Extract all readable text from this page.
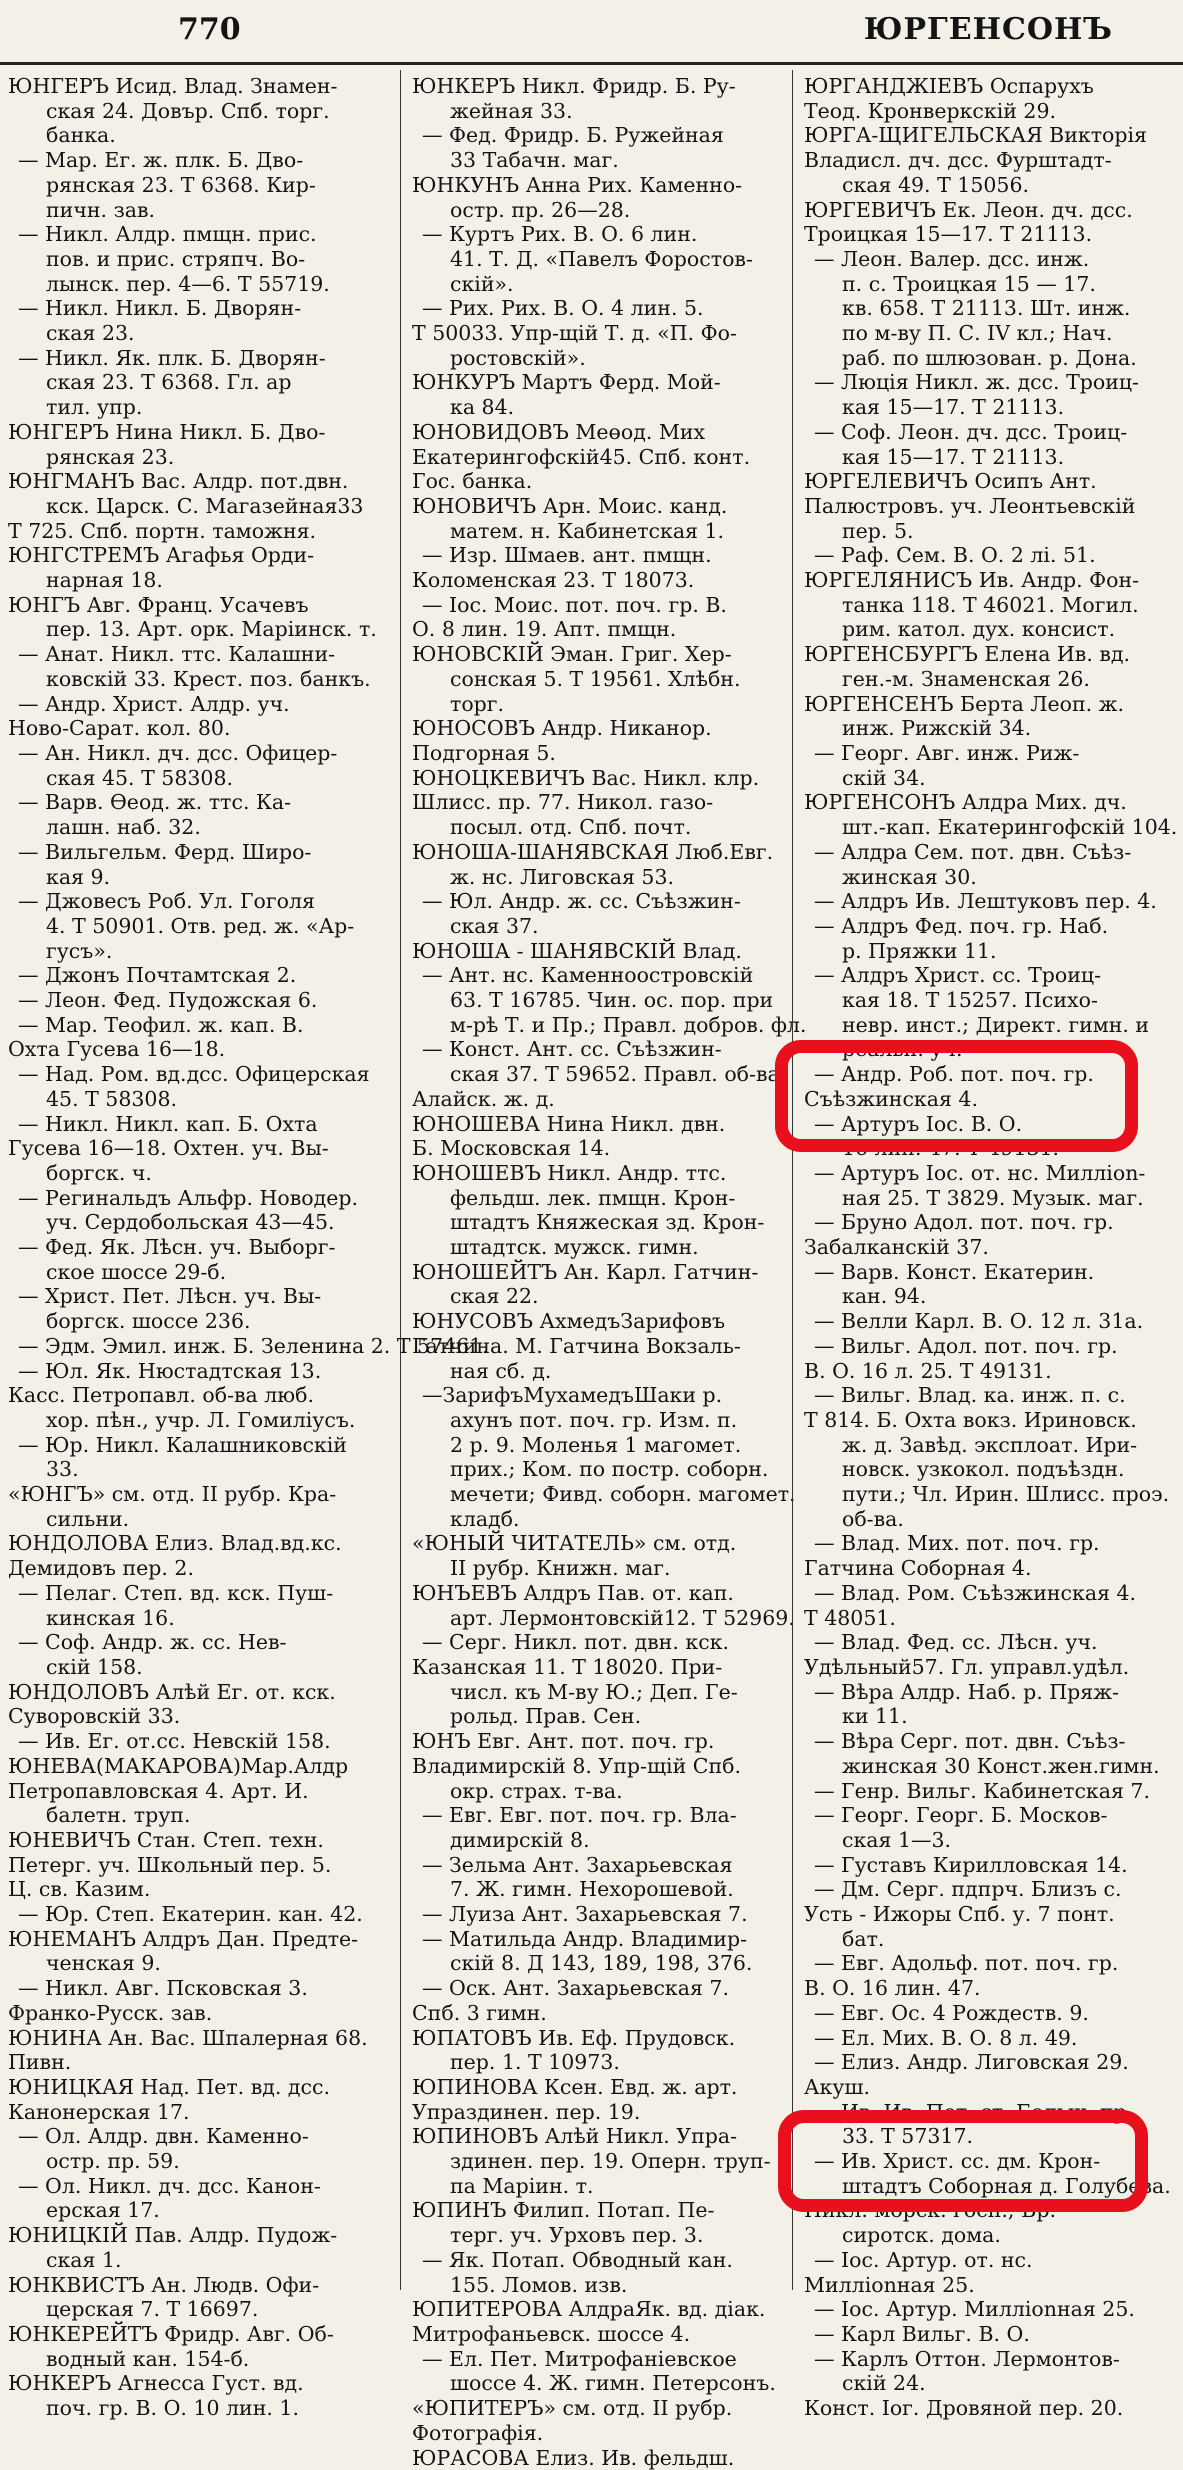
770	ЮРГЕНСОНЪ
ЮНГЕРЪ Исид. Влад. Знамен-
ская 24. Довър. Спб. торг.
банка.
— Мар. Ег. ж. плк. Б. Дво-
рянская 23. Т 6368. Кир-
пичн. зав.
— Никл. Алдр. пмщн. прис.
пов. и прис. стряпч. Во-
лынск. пер. 4—6. Т 55719.
— Никл. Никл. Б. Дворян-
ская 23.
— Никл. Як. плк. Б. Дворян-
ская 23. Т 6368. Гл. ар
тил. упр.
ЮНГЕРЪ Нина Никл. Б. Дво-
рянская 23.
ЮНГМАНЪ Вас. Алдр. пот.двн.
кск. Царск. С. Магазейная33
Т 725. Спб. портн. таможня.
ЮНГСТРЕМЪ Агафья Орди-
нарная 18.
ЮНГЪ Авг. Франц. Усачевъ
пер. 13. Арт. орк. Маріинск. т.
— Анат. Никл. ттс. Калашни-
ковскій 33. Крест. поз. банкъ.
— Андр. Христ. Алдр. уч.
Ново-Сарат. кол. 80.
— Ан. Никл. дч. дсс. Офицер-
ская 45. Т 58308.
— Варв. Өеод. ж. ттс. Ка-
лашн. наб. 32.
— Вильгельм. Ферд. Широ-
кая 9.
— Джовесъ Роб. Ул. Гоголя
4. Т 50901. Отв. ред. ж. «Ар-
гусъ».
— Джонъ Почтамтская 2.
— Леон. Фед. Пудожская 6.
— Мар. Теофил. ж. кап. В.
Охта Гусева 16—18.
— Над. Ром. вд.дсс. Офицерская
45. Т 58308.
— Никл. Никл. кап. Б. Охта
Гусева 16—18. Охтен. уч. Вы-
боргск. ч.
— Регинальдъ Альфр. Новодер.
уч. Сердобольская 43—45.
— Фед. Як. Лѣсн. уч. Выборг-
ское шоссе 29-б.
— Христ. Пет. Лѣсн. уч. Вы-
боргск. шоссе 236.
— Эдм. Эмил. инж. Б. Зеленина 2. Т 57461.
— Юл. Як. Нюстадтская 13.
Касс. Петропавл. об-ва люб.
хор. пѣн., учр. Л. Гомилiусъ.
— Юр. Никл. Калашниковскій
33.
«ЮНГЪ» см. отд. II рубр. Кра-
сильни.
ЮНДОЛОВА Елиз. Влад.вд.кс.
Демидовъ пер. 2.
— Пелаг. Степ. вд. кск. Пуш-
кинская 16.
— Соф. Андр. ж. сс. Нев-
скій 158.
ЮНДОЛОВЪ Алѣй Ег. от. кск.
Суворовскій 33.
— Ив. Ег. от.сс. Невскій 158.
ЮНЕВА(МАКАРОВА)Мар.Алдр
Петропавловская 4. Арт. И.
балетн. труп.
ЮНЕВИЧЪ Стан. Степ. техн.
Петерг. уч. Школьный пер. 5.
Ц. св. Казим.
— Юр. Степ. Екатерин. кан. 42.
ЮНЕМАНЪ Алдръ Дан. Предте-
ченская 9.
— Никл. Авг. Псковская 3.
Франко-Русск. зав.
ЮНИНА Ан. Вас. Шпалерная 68.
Пивн.
ЮНИЦКАЯ Над. Пет. вд. дсс.
Канонерская 17.
— Ол. Алдр. двн. Каменно-
остр. пр. 59.
— Ол. Никл. дч. дсс. Канон-
ерская 17.
ЮНИЦКІЙ Пав. Алдр. Пудож-
ская 1.
ЮНКВИСТЪ Ан. Людв. Офи-
церская 7. Т 16697.
ЮНКЕРЕЙТЪ Фридр. Авг. Об-
водный кан. 154-б.
ЮНКЕРЪ Агнесса Густ. вд.
поч. гр. В. О. 10 лин. 1.
ЮНКЕРЪ Никл. Фридр. Б. Ру-
жейная 33.
— Фед. Фридр. Б. Ружейная
33 Табачн. маг.
ЮНКУНЪ Анна Рих. Каменно-
остр. пр. 26—28.
— Куртъ Рих. В. О. 6 лин.
41. Т. Д. «Павелъ Форостов-
скій».
— Рих. Рих. В. О. 4 лин. 5.
Т 50033. Упр-щій Т. д. «П. Фо-
ростовскій».
ЮНКУРЪ Мартъ Ферд. Мой-
ка 84.
ЮНОВИДОВЪ Меөод. Мих
Екатерингофскій45. Спб. конт.
Гос. банка.
ЮНОВИЧЪ Арн. Моис. канд.
матем. н. Кабинетская 1.
— Изр. Шмаев. ант. пмщн.
Коломенская 23. Т 18073.
— Іос. Моис. пот. поч. гр. В.
О. 8 лин. 19. Апт. пмщн.
ЮНОВСКІЙ Эман. Григ. Хер-
сонская 5. Т 19561. Хлѣбн.
торг.
ЮНОСОВЪ Андр. Никанор.
Подгорная 5.
ЮНОЦКЕВИЧЪ Вас. Никл. клр.
Шлисс. пр. 77. Никол. газо-
посыл. отд. Спб. почт.
ЮНОША-ШАНЯВСКАЯ Люб.Евг.
ж. нс. Лиговская 53.
— Юл. Андр. ж. сс. Съѣзжин-
ская 37.
ЮНОША - ШАНЯВСКІЙ Влад.
— Ант. нс. Каменноостровскій
63. Т 16785. Чин. ос. пор. при
м-рѣ Т. и Пр.; Правл. добров. фл.
— Конст. Ант. сс. Съѣзжин-
ская 37. Т 59652. Правл. об-ва
Алайск. ж. д.
ЮНОШЕВА Нина Никл. двн.
Б. Московская 14.
ЮНОШЕВЪ Никл. Андр. ттс.
фельдш. лек. пмщн. Крон-
штадтъ Княжеская зд. Крон-
штадтск. мужск. гимн.
ЮНОШЕЙТЪ Ан. Карл. Гатчин-
ская 22.
ЮНУСОВЪ АхмедъЗарифовъ
Гатчина. М. Гатчина Вокзаль-
ная сб. д.
—ЗарифъМухамедъШаки р.
ахунъ пот. поч. гр. Изм. п.
2 р. 9. Моленья 1 магомет.
прих.; Ком. по постр. соборн.
мечети; Фивд. соборн. магомет.
кладб.
«ЮНЫЙ ЧИТАТЕЛЬ» см. отд.
II рубр. Книжн. маг.
ЮНЪЕВЪ Алдръ Пав. от. кап.
арт. Лермонтовскій12. Т 52969.
— Серг. Никл. пот. двн. кск.
Казанская 11. Т 18020. При-
числ. къ М-ву Ю.; Деп. Ге-
рольд. Прав. Сен.
ЮНЪ Евг. Ант. пот. поч. гр.
Владимирскій 8. Упр-щій Спб.
окр. страх. т-ва.
— Евг. Евг. пот. поч. гр. Вла-
димирскій 8.
— Зельма Ант. Захарьевская
7. Ж. гимн. Нехорошевой.
— Луиза Ант. Захарьевская 7.
— Матильда Андр. Владимир-
скій 8. Д 143, 189, 198, 376.
— Оск. Ант. Захарьевская 7.
Спб. 3 гимн.
ЮПАТОВЪ Ив. Еф. Прудовск.
пер. 1. Т 10973.
ЮПИНОВА Ксен. Евд. ж. арт.
Упраздинен. пер. 19.
ЮПИНОВЪ Алѣй Никл. Упра-
здинен. пер. 19. Оперн. труп-
па Маріин. т.
ЮПИНЪ Филип. Потап. Пе-
терг. уч. Урховъ пер. 3.
— Як. Потап. Обводный кан.
155. Ломов. изв.
ЮПИТЕРОВА АлдраЯк. вд. діак.
Митрофаньевск. шоссе 4.
— Ел. Пет. Митрофаніевское
шоссе 4. Ж. гимн. Петерсонъ.
«ЮПИТЕРЪ» см. отд. II рубр.
Фотографія.
ЮРАСОВА Елиз. Ив. фельдш.
ЮРГАНДЖІЕВЪ Оспарухъ
Теод. Кронверкскій 29.
ЮРГА-ЩИГЕЛЬСКАЯ Викторія
Владисл. дч. дсс. Фурштадт-
ская 49. Т 15056.
ЮРГЕВИЧЪ Ек. Леон. дч. дсс.
Троицкая 15—17. Т 21113.
— Леон. Валер. дсс. инж.
п. с. Троицкая 15 — 17.
кв. 658. Т 21113. Шт. инж.
по м-ву П. С. IV кл.; Нач.
раб. по шлюзован. р. Дона.
— Люція Никл. ж. дсс. Троиц-
кая 15—17. Т 21113.
— Соф. Леон. дч. дсс. Троиц-
кая 15—17. Т 21113.
ЮРГЕЛЕВИЧЪ Осипъ Ант.
Палюстровъ. уч. Леонтьевскій
пер. 5.
— Раф. Сем. В. О. 2 лі. 51.
ЮРГЕЛЯНИСЪ Ив. Андр. Фон-
танка 118. Т 46021. Могил.
рим. катол. дух. консист.
ЮРГЕНСБУРГЪ Елена Ив. вд.
ген.-м. Знаменская 26.
ЮРГЕНСЕНЪ Берта Леоп. ж.
инж. Рижскій 34.
— Георг. Авг. инж. Риж-
скій 34.
ЮРГЕНСОНЪ Алдра Мих. дч.
шт.-кап. Екатерингофскій 104.
— Алдра Сем. пот. двн. Съѣз-
жинская 30.
— Алдръ Ив. Лештуковъ пер. 4.
— Алдръ Фед. поч. гр. Наб.
р. Пряжки 11.
— Алдръ Христ. сс. Троиц-
кая 18. Т 15257. Психо-
невр. инст.; Директ. гимн. и
реальн. уч.
— Андр. Роб. пот. поч. гр.
Съѣзжинская 4.
— Артуръ Іос. В. О.
16 лин. 47. Т 49131.
— Артуръ Іос. от. нс. Миллion-
ная 25. Т 3829. Музык. маг.
— Бруно Адол. пот. поч. гр.
Забалканскій 37.
— Варв. Конст. Екатерин.
кан. 94.
— Велли Карл. В. О. 12 л. 31а.
— Вильг. Адол. пот. поч. гр.
В. О. 16 л. 25. Т 49131.
— Вильг. Влад. ка. инж. п. с.
Т 814. Б. Охта вокз. Ириновск.
ж. д. Завѣд. эксплоат. Ири-
новск. узкокол. подъѣздн.
пути.; Чл. Ирин. Шлисс. проэ.
об-ва.
— Влад. Мих. пот. поч. гр.
Гатчина Соборная 4.
— Влад. Ром. Съѣзжинская 4.
Т 48051.
— Влад. Фед. сс. Лѣсн. уч.
Удѣльный57. Гл. управл.удѣл.
— Вѣра Алдр. Наб. р. Пряж-
ки 11.
— Вѣра Серг. пот. двн. Съѣз-
жинская 30 Конст.жен.гимн.
— Генр. Вильг. Кабинетская 7.
— Георг. Георг. Б. Москов-
ская 1—3.
— Густавъ Кирилловская 14.
— Дм. Серг. пдпрч. Близъ с.
Усть - Ижоры Спб. у. 7 понт.
бат.
— Евг. Адольф. пот. поч. гр.
В. О. 16 лин. 47.
— Евг. Ос. 4 Рождеств. 9.
— Ел. Мих. В. О. 8 л. 49.
— Елиз. Андр. Лиговская 29.
Акуш.
— Ив. Ив. Пет. ст. Больш. пр.
33. Т 57317.
— Ив. Христ. сс. дм. Крон-
штадтъ Соборная д. Голубева.
Никл. морск. госп.; Вр.
сиротск. дома.
— Іос. Артур. от. нс.
Миллionная 25.
— Іос. Артур. Миллionная 25.
— Карл Вильг. В. О.
— Карлъ Оттон. Лермонтов-
скій 24.
Конст. Іог. Дровяной пер. 20.
